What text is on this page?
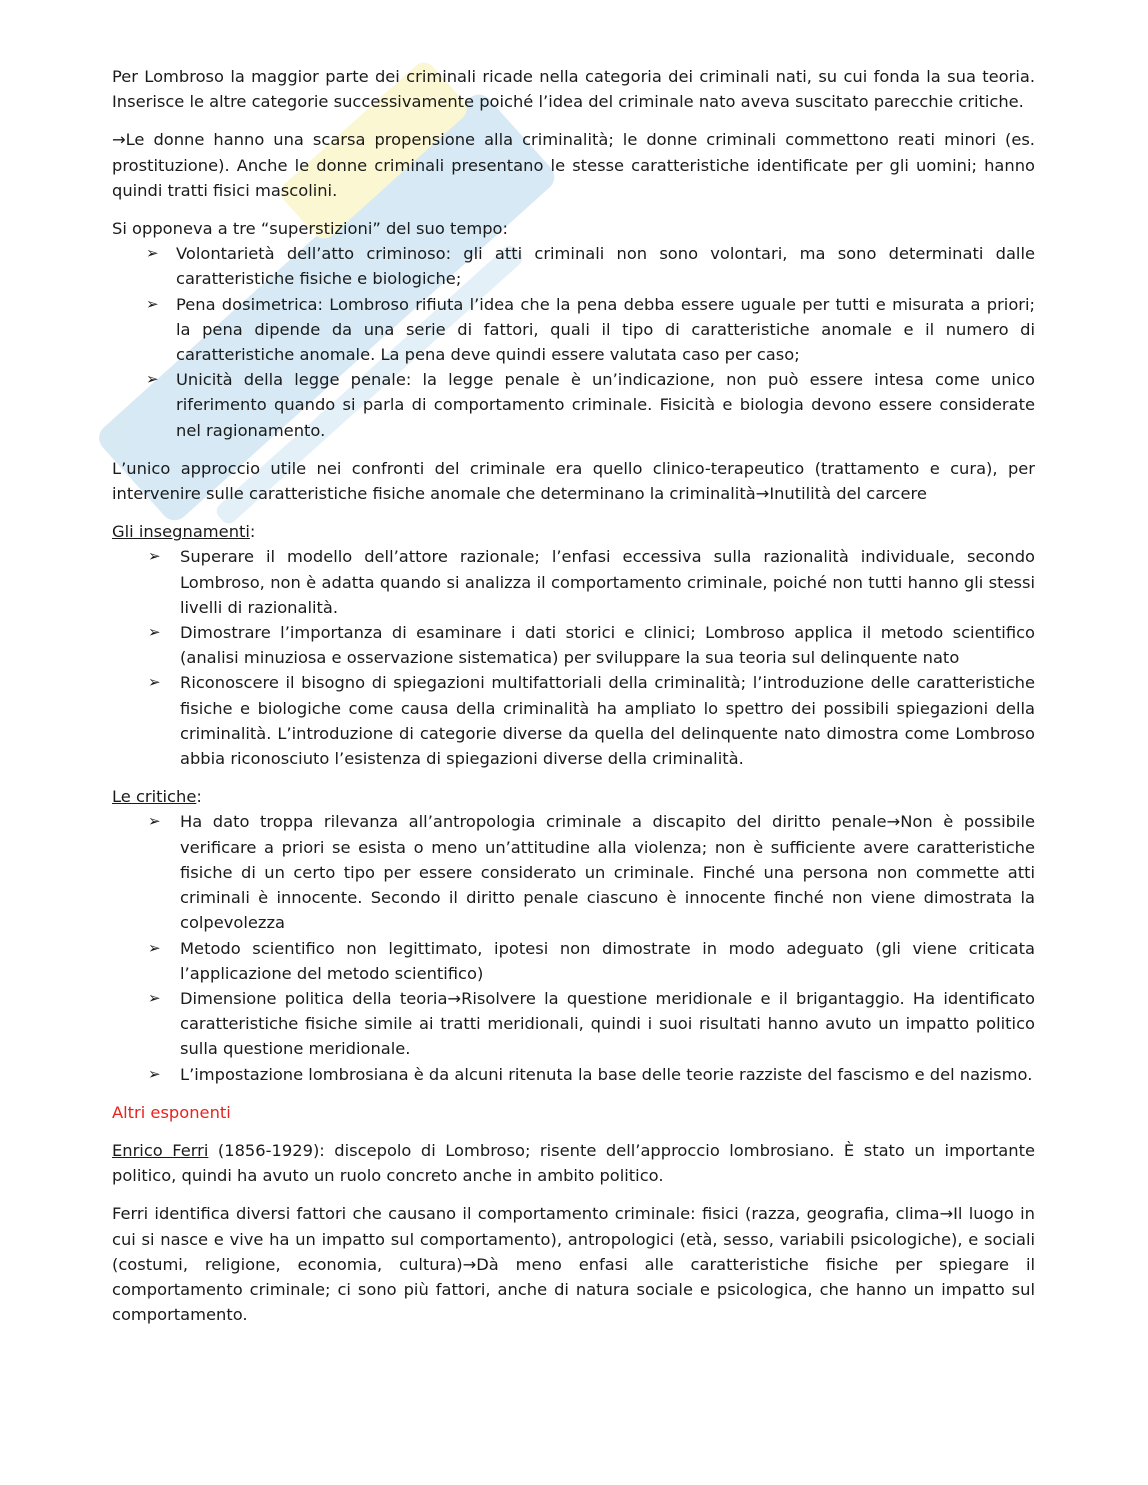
Per Lombroso la maggior parte dei criminali ricade nella categoria dei criminali nati, su cui fonda la sua teoria. Inserisce le altre categorie successivamente poiché l’idea del criminale nato aveva suscitato parecchie critiche.

→Le donne hanno una scarsa propensione alla criminalità; le donne criminali commettono reati minori (es. prostituzione). Anche le donne criminali presentano le stesse caratteristiche identificate per gli uomini; hanno quindi tratti fisici mascolini.

Si opponeva a tre “superstizioni” del suo tempo:

➢ Volontarietà dell’atto criminoso: gli atti criminali non sono volontari, ma sono determinati dalle caratteristiche fisiche e biologiche;
➢ Pena dosimetrica: Lombroso rifiuta l’idea che la pena debba essere uguale per tutti e misurata a priori; la pena dipende da una serie di fattori, quali il tipo di caratteristiche anomale e il numero di caratteristiche anomale. La pena deve quindi essere valutata caso per caso;
➢ Unicità della legge penale: la legge penale è un’indicazione, non può essere intesa come unico riferimento quando si parla di comportamento criminale. Fisicità e biologia devono essere considerate nel ragionamento.

L’unico approccio utile nei confronti del criminale era quello clinico-terapeutico (trattamento e cura), per intervenire sulle caratteristiche fisiche anomale che determinano la criminalità→Inutilità del carcere

Gli insegnamenti:

➢ Superare il modello dell’attore razionale; l’enfasi eccessiva sulla razionalità individuale, secondo Lombroso, non è adatta quando si analizza il comportamento criminale, poiché non tutti hanno gli stessi livelli di razionalità.
➢ Dimostrare l’importanza di esaminare i dati storici e clinici; Lombroso applica il metodo scientifico (analisi minuziosa e osservazione sistematica) per sviluppare la sua teoria sul delinquente nato
➢ Riconoscere il bisogno di spiegazioni multifattoriali della criminalità; l’introduzione delle caratteristiche fisiche e biologiche come causa della criminalità ha ampliato lo spettro dei possibili spiegazioni della criminalità. L’introduzione di categorie diverse da quella del delinquente nato dimostra come Lombroso abbia riconosciuto l’esistenza di spiegazioni diverse della criminalità.

Le critiche:

➢ Ha dato troppa rilevanza all’antropologia criminale a discapito del diritto penale→Non è possibile verificare a priori se esista o meno un’attitudine alla violenza; non è sufficiente avere caratteristiche fisiche di un certo tipo per essere considerato un criminale. Finché una persona non commette atti criminali è innocente. Secondo il diritto penale ciascuno è innocente finché non viene dimostrata la colpevolezza
➢ Metodo scientifico non legittimato, ipotesi non dimostrate in modo adeguato (gli viene criticata l’applicazione del metodo scientifico)
➢ Dimensione politica della teoria→Risolvere la questione meridionale e il brigantaggio. Ha identificato caratteristiche fisiche simile ai tratti meridionali, quindi i suoi risultati hanno avuto un impatto politico sulla questione meridionale.
➢ L’impostazione lombrosiana è da alcuni ritenuta la base delle teorie razziste del fascismo e del nazismo.

Altri esponenti

Enrico Ferri (1856-1929): discepolo di Lombroso; risente dell’approccio lombrosiano. È stato un importante politico, quindi ha avuto un ruolo concreto anche in ambito politico.

Ferri identifica diversi fattori che causano il comportamento criminale: fisici (razza, geografia, clima→Il luogo in cui si nasce e vive ha un impatto sul comportamento), antropologici (età, sesso, variabili psicologiche), e sociali (costumi, religione, economia, cultura)→Dà meno enfasi alle caratteristiche fisiche per spiegare il comportamento criminale; ci sono più fattori, anche di natura sociale e psicologica, che hanno un impatto sul comportamento.
